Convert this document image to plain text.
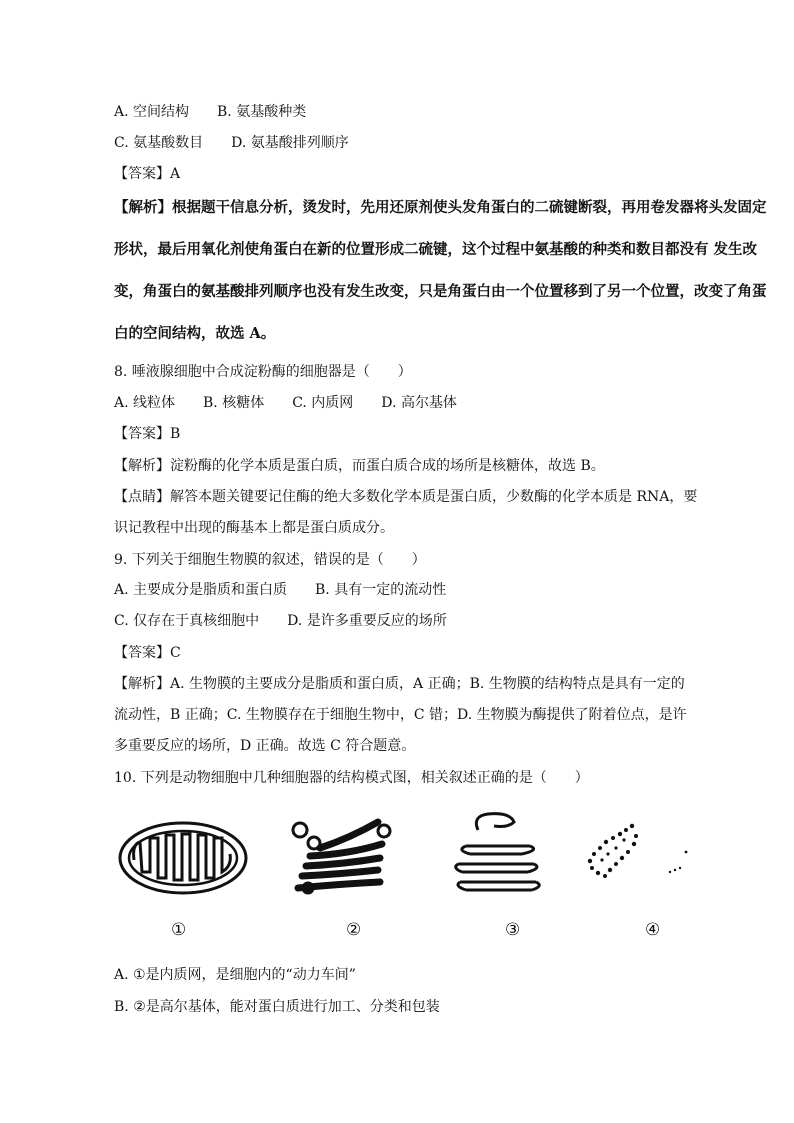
A. 空间结构　　B. 氨基酸种类
C. 氨基酸数目　　D. 氨基酸排列顺序
【答案】A
【解析】根据题干信息分析，烫发时，先用还原剂使头发角蛋白的二硫键断裂，再用卷发器将头发固定
形状，最后用氧化剂使角蛋白在新的位置形成二硫键，这个过程中氨基酸的种类和数目都没有 发生改
变，角蛋白的氨基酸排列顺序也没有发生改变，只是角蛋白由一个位置移到了另一个位置，改变了角蛋
白的空间结构，故选 A。
8. 唾液腺细胞中合成淀粉酶的细胞器是（　　）
A. 线粒体　　B. 核糖体　　C. 内质网　　D. 高尔基体
【答案】B
【解析】淀粉酶的化学本质是蛋白质，而蛋白质合成的场所是核糖体，故选 B。
【点睛】解答本题关键要记住酶的绝大多数化学本质是蛋白质，少数酶的化学本质是 RNA，要
识记教程中出现的酶基本上都是蛋白质成分。
9. 下列关于细胞生物膜的叙述，错误的是（　　）
A. 主要成分是脂质和蛋白质　　B. 具有一定的流动性
C. 仅存在于真核细胞中　　D. 是许多重要反应的场所
【答案】C
【解析】A. 生物膜的主要成分是脂质和蛋白质，A 正确；B. 生物膜的结构特点是具有一定的
流动性，B 正确；C. 生物膜存在于细胞生物中，C 错；D. 生物膜为酶提供了附着位点，是许
多重要反应的场所，D 正确。故选 C 符合题意。
10. 下列是动物细胞中几种细胞器的结构模式图，相关叙述正确的是（　　）
①	②	③	④
A. ①是内质网，是细胞内的“动力车间”
B. ②是高尔基体，能对蛋白质进行加工、分类和包装
